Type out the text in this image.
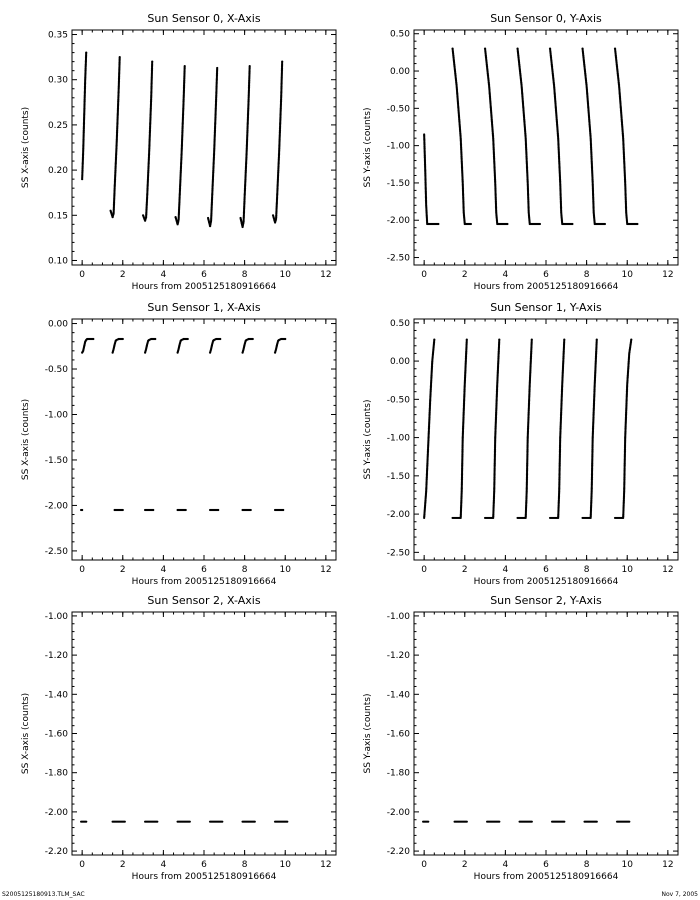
Sun Sensor 0, X-Axis
0	2	4	6	8	10	12
0.10
0.15
0.20
0.25
0.30
0.35
Hours from 2005125180916664
SS X-axis (counts)
Sun Sensor 0, Y-Axis
0	2	4	6	8	10	12
0.50
0.00
-0.50
-1.00
-1.50
-2.00
-2.50
Hours from 2005125180916664
SS Y-axis (counts)
Sun Sensor 1, X-Axis
0	2	4	6	8	10	12
0.00
-0.50
-1.00
-1.50
-2.00
-2.50
Hours from 2005125180916664
SS X-axis (counts)
Sun Sensor 1, Y-Axis
0	2	4	6	8	10	12
0.50
0.00
-0.50
-1.00
-1.50
-2.00
-2.50
Hours from 2005125180916664
SS Y-axis (counts)
Sun Sensor 2, X-Axis
0	2	4	6	8	10	12
-1.00
-1.20
-1.40
-1.60
-1.80
-2.00
-2.20
Hours from 2005125180916664
SS X-axis (counts)
Sun Sensor 2, Y-Axis
0	2	4	6	8	10	12
-1.00
-1.20
-1.40
-1.60
-1.80
-2.00
-2.20
Hours from 2005125180916664
SS Y-axis (counts)
S2005125180913.TLM_SAC	Nov 7, 2005
